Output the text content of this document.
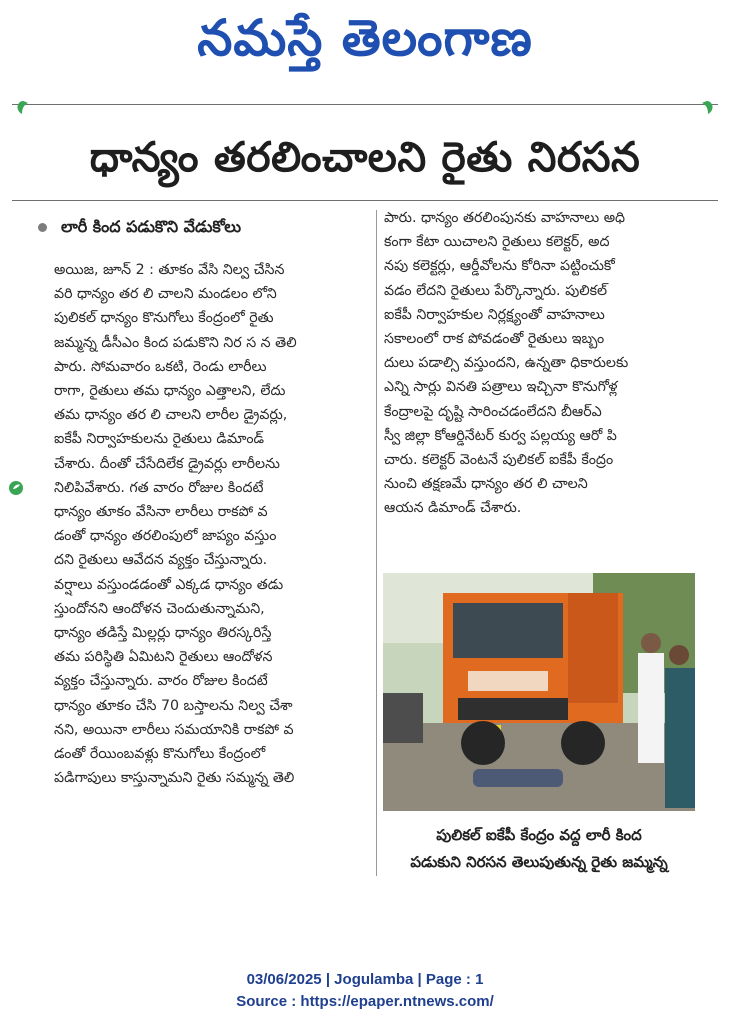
నమస్తే తెలంగాణ
ధాన్యం తరలించాలని రైతు నిరసన
లారీ కింద పడుకొని వేడుకోలు
అయిజ, జూన్ 2 : తూకం వేసి నిల్వ చేసిన
వరి ధాన్యం తర లి చాలని మండలం లోని
పులికల్ ధాన్యం కొనుగోలు కేంద్రంలో రైతు
జమ్మన్న డీసీఎం కింద పడుకొని నిర స న తెలి
పారు. సోమవారం ఒకటి, రెండు లారీలు
రాగా, రైతులు తమ ధాన్యం ఎత్తాలని, లేదు
తమ ధాన్యం తర లి చాలని లారీల డ్రైవర్లు,
ఐకేపీ నిర్వాహకులను రైతులు డిమాండ్
చేశారు. దీంతో చేసేదిలేక డ్రైవర్లు లారీలను
నిలిపివేశారు. గత వారం రోజుల కిందటే
ధాన్యం తూకం వేసినా లారీలు రాకపో వ
డంతో ధాన్యం తరలింపులో జాప్యం వస్తుం
దని రైతులు ఆవేదన వ్యక్తం చేస్తున్నారు.
వర్షాలు వస్తుండడంతో ఎక్కడ ధాన్యం తడు
స్తుందోనని ఆందోళన చెందుతున్నామని,
ధాన్యం తడిస్తే మిల్లర్లు ధాన్యం తిరస్కరిస్తే
తమ పరిస్థితి ఏమిటని రైతులు ఆందోళన
వ్యక్తం చేస్తున్నారు. వారం రోజుల కిందటే
ధాన్యం తూకం చేసి 70 బస్తాలను నిల్వ చేశా
నని, అయినా లారీలు సమయానికి రాకపో వ
డంతో రేయింబవళ్లు కొనుగోలు కేంద్రంలో
పడిగాపులు కాస్తున్నామని రైతు సమ్మన్న తెలి
పారు. ధాన్యం తరలింపునకు వాహనాలు అధి
కంగా కేటా యిచాలని రైతులు కలెక్టర్, అద
నపు కలెక్టర్లు, ఆర్డీవోలను కోరినా పట్టించుకో
వడం లేదని రైతులు పేర్కొన్నారు. పులికల్
ఐకేపీ నిర్వాహకుల నిర్లక్ష్యంతో వాహనాలు
సకాలంలో రాక పోవడంతో రైతులు ఇబ్బం
దులు పడాల్సి వస్తుందని, ఉన్నతా ధికారులకు
ఎన్ని సార్లు వినతి పత్రాలు ఇచ్చినా కొనుగోళ్ల
కేంద్రాలపై దృష్టి సారించడంలేదని బీఆర్ఎ
స్వీ జిల్లా కోఆర్డినేటర్ కుర్వ పల్లయ్య ఆరో పి
చారు. కలెక్టర్ వెంటనే పులికల్ ఐకేపీ కేంద్రం
నుంచి తక్షణమే ధాన్యం తర లి చాలని
ఆయన డిమాండ్ చేశారు.
పులికల్ ఐకేపీ కేంద్రం వద్ద లారీ కింద
పడుకుని నిరసన తెలుపుతున్న రైతు జమ్మన్న
03/06/2025 | Jogulamba | Page : 1
Source : https://epaper.ntnews.com/
